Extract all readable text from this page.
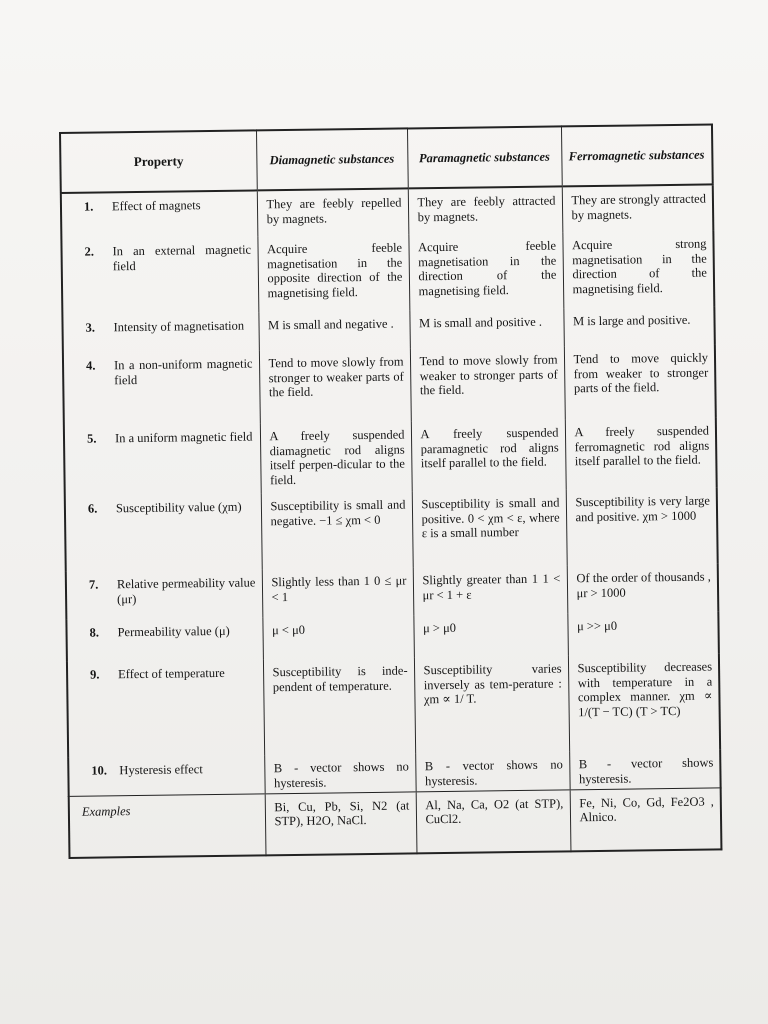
Property	Diamagnetic substances	Paramagnetic substances	Ferromagnetic substances

1. Effect of magnets	They are feebly repelled by magnets.	They are feebly attracted by magnets.	They are strongly attracted by magnets.

2. In an external magnetic field	Acquire feeble magnetisation in the opposite direction of the magnetising field.	Acquire feeble magnetisation in the direction of the magnetising field.	Acquire strong magnetisation in the direction of the magnetising field.

3. Intensity of magnetisation	M is small and negative .	M is small and positive .	M is large and positive.

4. In a non-uniform magnetic field	Tend to move slowly from stronger to weaker parts of the field.	Tend to move slowly from weaker to stronger parts of the field.	Tend to move quickly from weaker to stronger parts of the field.

5. In a uniform magnetic field	A freely suspended diamagnetic rod aligns itself perpen-dicular to the field.	A freely suspended paramagnetic rod aligns itself parallel to the field.	A freely suspended ferromagnetic rod aligns itself parallel to the field.

6. Susceptibility value (χm)	Susceptibility is small and negative. −1 ≤ χm < 0	Susceptibility is small and positive. 0 < χm < ε, where ε is a small number	Susceptibility is very large and positive. χm > 1000

7. Relative permeability value (μr)	Slightly less than 1 0 ≤ μr < 1	Slightly greater than 1 1 < μr < 1 + ε	Of the order of thousands , μr > 1000

8. Permeability value (μ)	μ < μ0	μ > μ0	μ >> μ0

9. Effect of temperature	Susceptibility is inde-pendent of temperature.	Susceptibility varies inversely as tem-perature : χm ∝ 1/ T.	Susceptibility decreases with temperature in a complex manner. χm ∝ 1/(T − TC) (T > TC)

10. Hysteresis effect	B - vector shows no hysteresis.	B - vector shows no hysteresis.	B - vector shows hysteresis.
Examples	Bi, Cu, Pb, Si, N2 (at STP), H2O, NaCl.	Al, Na, Ca, O2 (at STP), CuCl2.	Fe, Ni, Co, Gd, Fe2O3 , Alnico.
